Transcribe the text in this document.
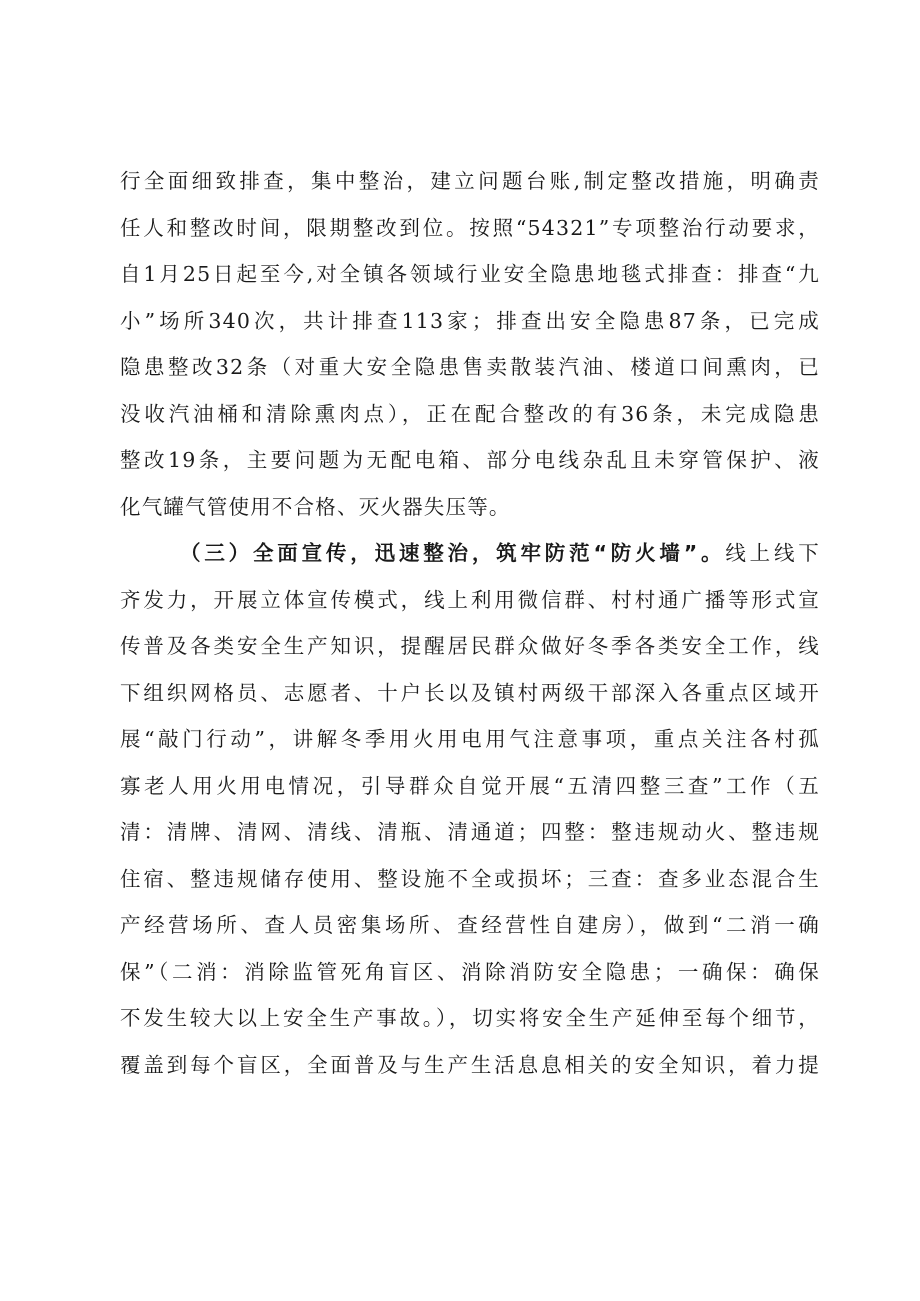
行全面细致排查，集中整治，建立问题台账,制定整改措施，明确责
任人和整改时间，限期整改到位。按照“54321”专项整治行动要求，
自1月25日起至今,对全镇各领域行业安全隐患地毯式排查：排查“九
小”场所340次，共计排查113家；排查出安全隐患87条，已完成
隐患整改32条（对重大安全隐患售卖散装汽油、楼道口间熏肉，已
没收汽油桶和清除熏肉点），正在配合整改的有36条，未完成隐患
整改19条，主要问题为无配电箱、部分电线杂乱且未穿管保护、液
化气罐气管使用不合格、灭火器失压等。
（三）全面宣传，迅速整治，筑牢防范“防火墙”。线上线下
齐发力，开展立体宣传模式，线上利用微信群、村村通广播等形式宣
传普及各类安全生产知识，提醒居民群众做好冬季各类安全工作，线
下组织网格员、志愿者、十户长以及镇村两级干部深入各重点区域开
展“敲门行动”，讲解冬季用火用电用气注意事项，重点关注各村孤
寡老人用火用电情况，引导群众自觉开展“五清四整三查”工作（五
清：清牌、清网、清线、清瓶、清通道；四整：整违规动火、整违规
住宿、整违规储存使用、整设施不全或损坏；三查：查多业态混合生
产经营场所、查人员密集场所、查经营性自建房），做到“二消一确
保”（二消：消除监管死角盲区、消除消防安全隐患；一确保：确保
不发生较大以上安全生产事故。），切实将安全生产延伸至每个细节，
覆盖到每个盲区，全面普及与生产生活息息相关的安全知识，着力提
